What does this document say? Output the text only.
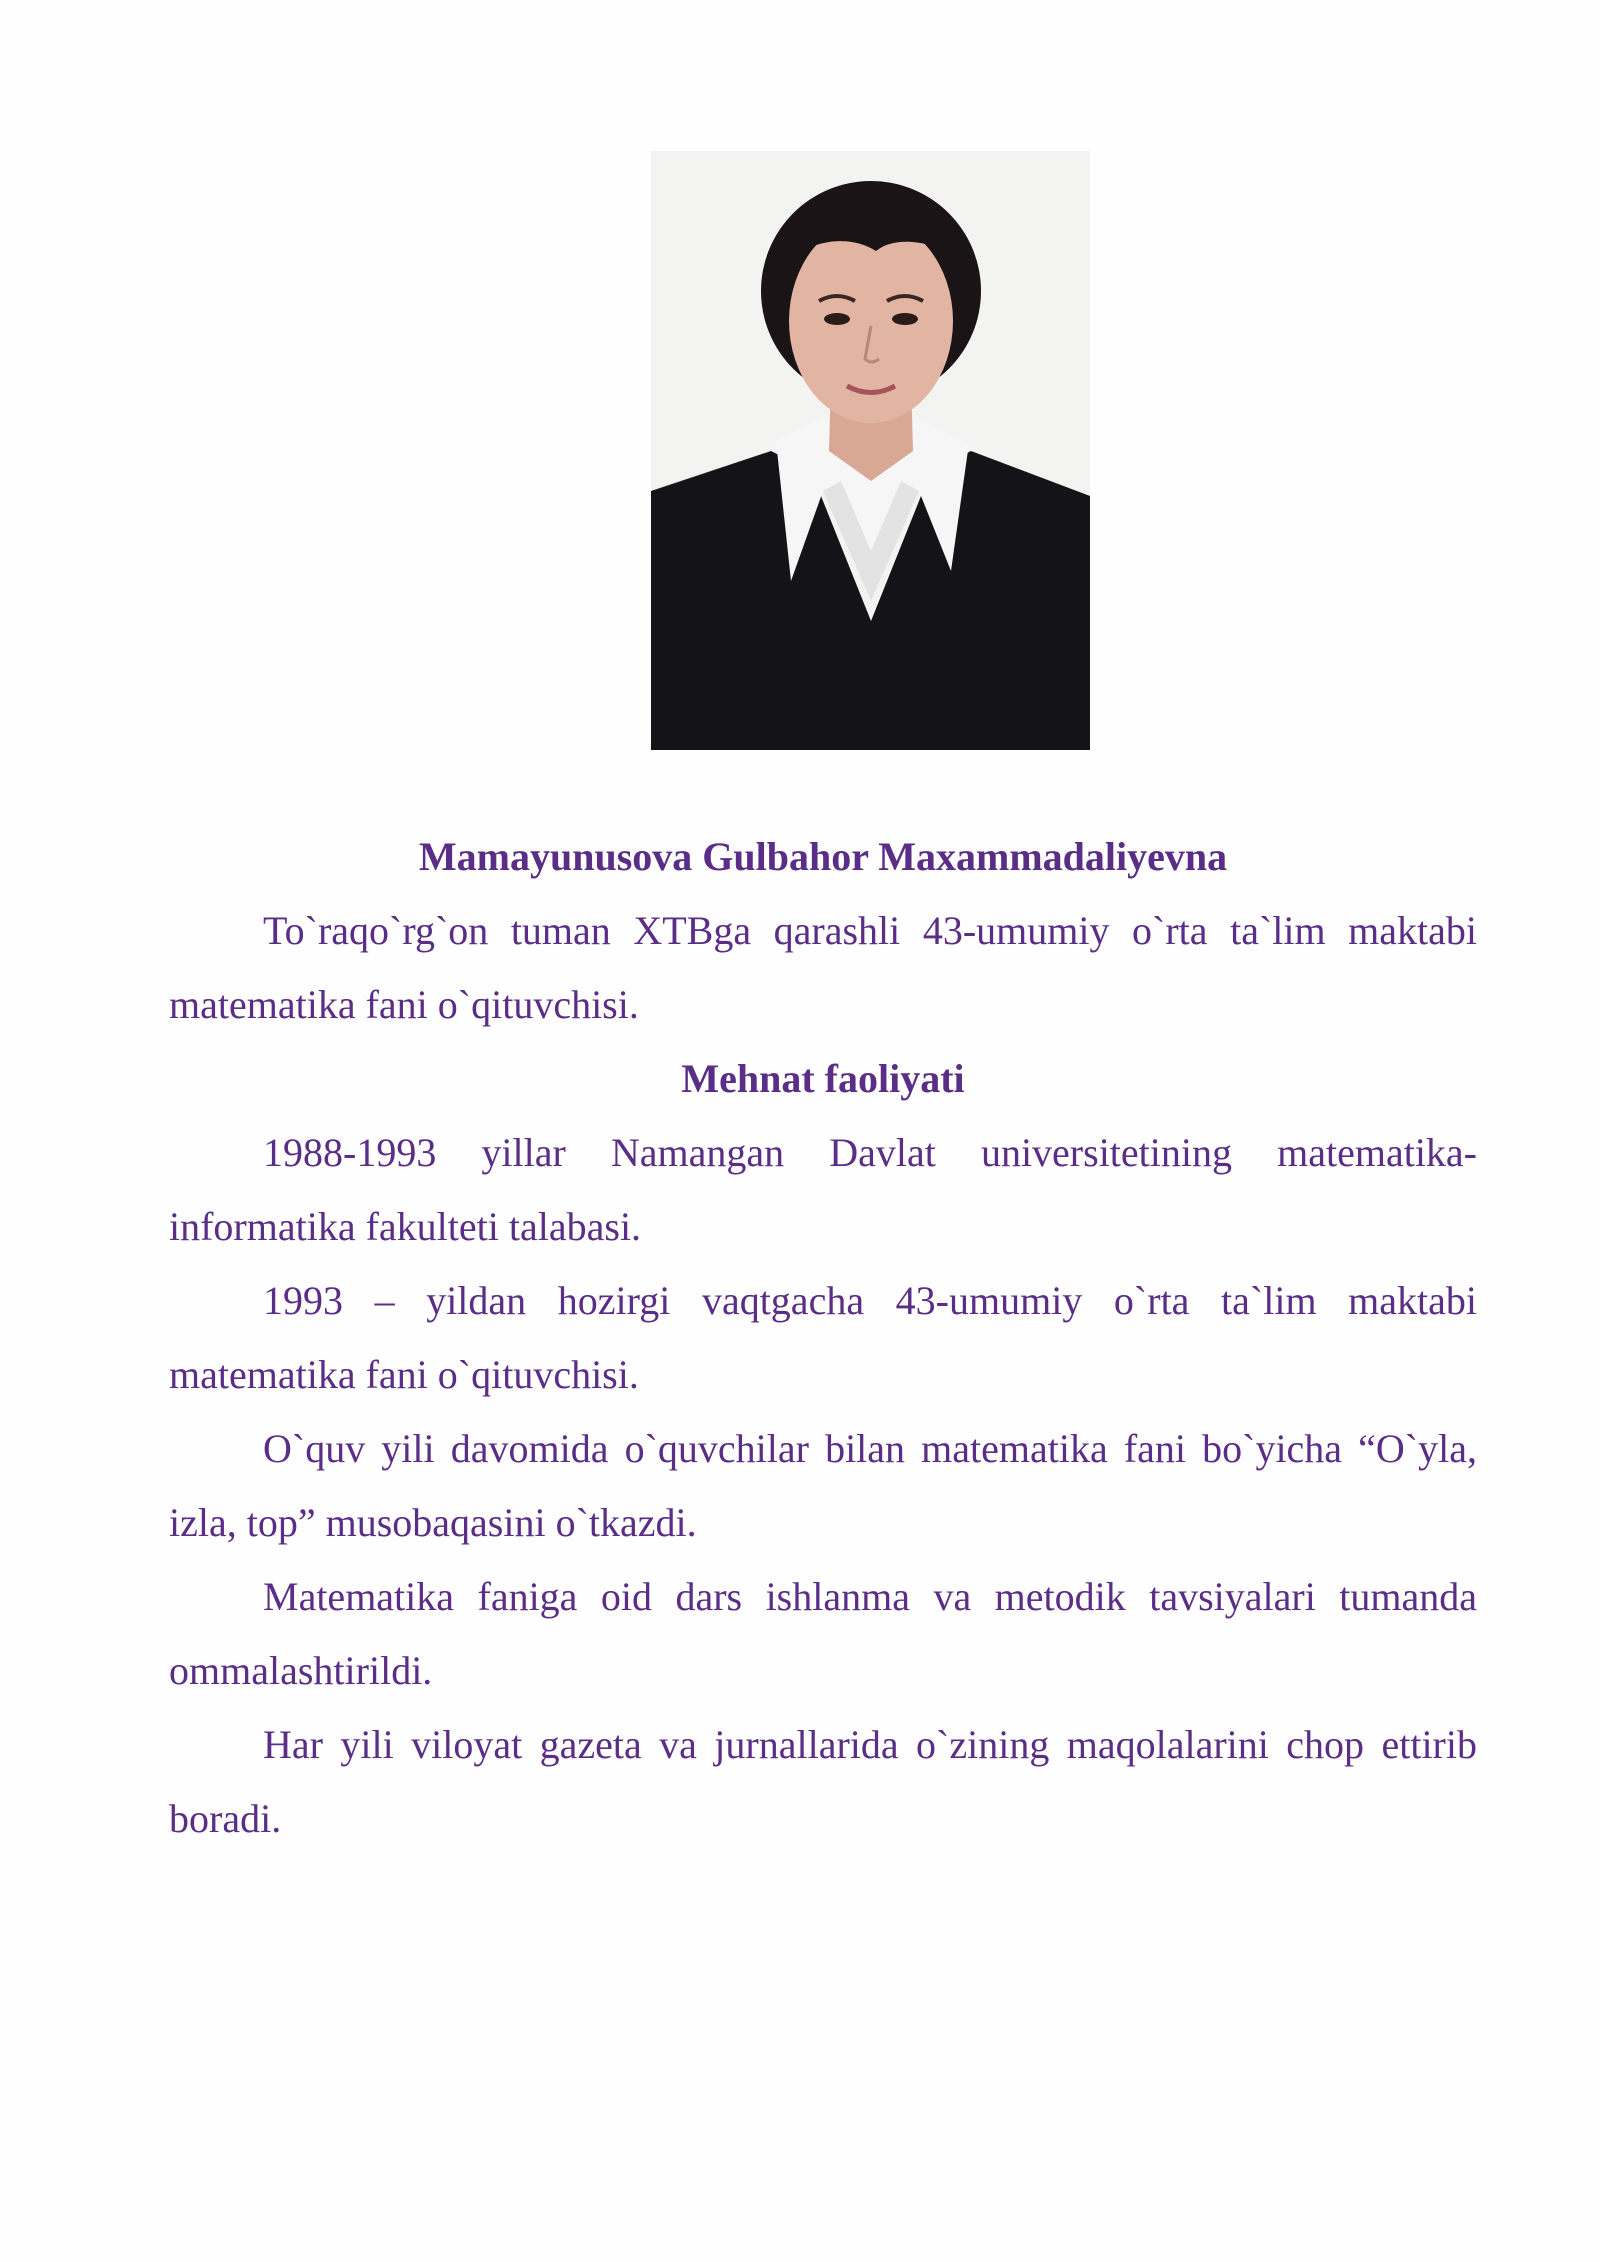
Mamayunusova Gulbahor Maxammadaliyevna

To`raqo`rg`on tuman XTBga qarashli 43-umumiy o`rta ta`lim maktabi matematika fani o`qituvchisi.

Mehnat faoliyati

1988-1993 yillar Namangan Davlat universitetining matematika-informatika fakulteti talabasi.

1993 – yildan hozirgi vaqtgacha 43-umumiy o`rta ta`lim maktabi matematika fani o`qituvchisi.

O`quv yili davomida o`quvchilar bilan matematika fani bo`yicha “O`yla, izla, top” musobaqasini o`tkazdi.

Matematika faniga oid dars ishlanma va metodik tavsiyalari tumanda ommalashtirildi.

Har yili viloyat gazeta va jurnallarida o`zining maqolalarini chop ettirib boradi.
